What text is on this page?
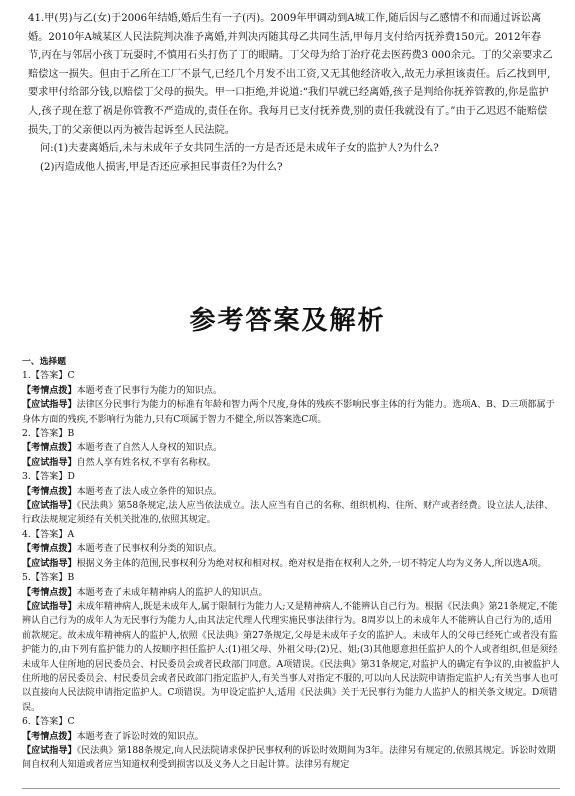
41.甲(男)与乙(女)于2006年结婚,婚后生有一子(丙)。2009年甲调动到A城工作,随后因与乙感情不和而通过诉讼离婚。2010年A城某区人民法院判决准予离婚,并判决丙随其母乙共同生活,甲每月支付给丙抚养费150元。2012年春节,丙在与邻居小孩丁玩耍时,不慎用石头打伤了丁的眼睛。丁父母为给丁治疗花去医药费3 000余元。丁的父亲要求乙赔偿这一损失。但由于乙所在工厂不景气,已经几个月发不出工资,又无其他经济收入,故无力承担该责任。后乙找到甲,要求甲付给部分钱,以赔偿丁父母的损失。甲一口拒绝,并说道:“我们早就已经离婚,孩子是判给你抚养管教的,你是监护人,孩子现在惹了祸是你管教不严造成的,责任在你。我每月已支付抚养费,别的责任我就没有了。”由于乙迟迟不能赔偿损失,丁的父亲便以丙为被告起诉至人民法院。
问:(1)夫妻离婚后,未与未成年子女共同生活的一方是否还是未成年子女的监护人?为什么?
(2)丙造成他人损害,甲是否还应承担民事责任?为什么?
参考答案及解析
一、选择题
1.【答案】C
【考情点拨】本题考查了民事行为能力的知识点。
【应试指导】法律区分民事行为能力的标准有年龄和智力两个尺度,身体的残疾不影响民事主体的行为能力。选项A、B、D三项都属于身体方面的残疾,不影响行为能力,只有C项属于智力不健全,所以答案选C项。
2.【答案】B
【考情点拨】本题考查了自然人人身权的知识点。
【应试指导】自然人享有姓名权,不享有名称权。
3.【答案】D
【考情点拨】本题考查了法人成立条件的知识点。
【应试指导】《民法典》第58条规定,法人应当依法成立。法人应当有自己的名称、组织机构、住所、财产或者经费。设立法人,法律、行政法规规定须经有关机关批准的,依照其规定。
4.【答案】A
【考情点拨】本题考查了民事权利分类的知识点。
【应试指导】根据义务主体的范围,民事权利分为绝对权和相对权。绝对权是指在权利人之外,一切不特定人均为义务人,所以选A项。
5.【答案】B
【考情点拨】本题考查了未成年精神病人的监护人的知识点。
【应试指导】未成年精神病人,既是未成年人,属于限制行为能力人;又是精神病人,不能辨认自己行为。根据《民法典》第21条规定,不能辨认自己行为的成年人为无民事行为能力人,由其法定代理人代理实施民事法律行为。8周岁以上的未成年人不能辨认自己行为的,适用前款规定。故未成年精神病人的监护人,依照《民法典》第27条规定,父母是未成年子女的监护人。未成年人的父母已经死亡或者没有监护能力的,由下列有监护能力的人按顺序担任监护人:(1)祖父母、外祖父母;(2)兄、姐;(3)其他愿意担任监护人的个人或者组织,但是须经未成年人住所地的居民委员会、村民委员会或者民政部门同意。A项错误。《民法典》第31条规定,对监护人的确定有争议的,由被监护人住所地的居民委员会、村民委员会或者民政部门指定监护人,有关当事人对指定不服的,可以向人民法院申请指定监护人;有关当事人也可以直接向人民法院申请指定监护人。C项错误。为甲设定监护人,适用《民法典》关于无民事行为能力人监护人的相关条文规定。D项错误。
6.【答案】C
【考情点拨】本题考查了诉讼时效的知识点。
【应试指导】《民法典》第188条规定,向人民法院请求保护民事权利的诉讼时效期间为3年。法律另有规定的,依照其规定。诉讼时效期间自权利人知道或者应当知道权利受到损害以及义务人之日起计算。法律另有规定
